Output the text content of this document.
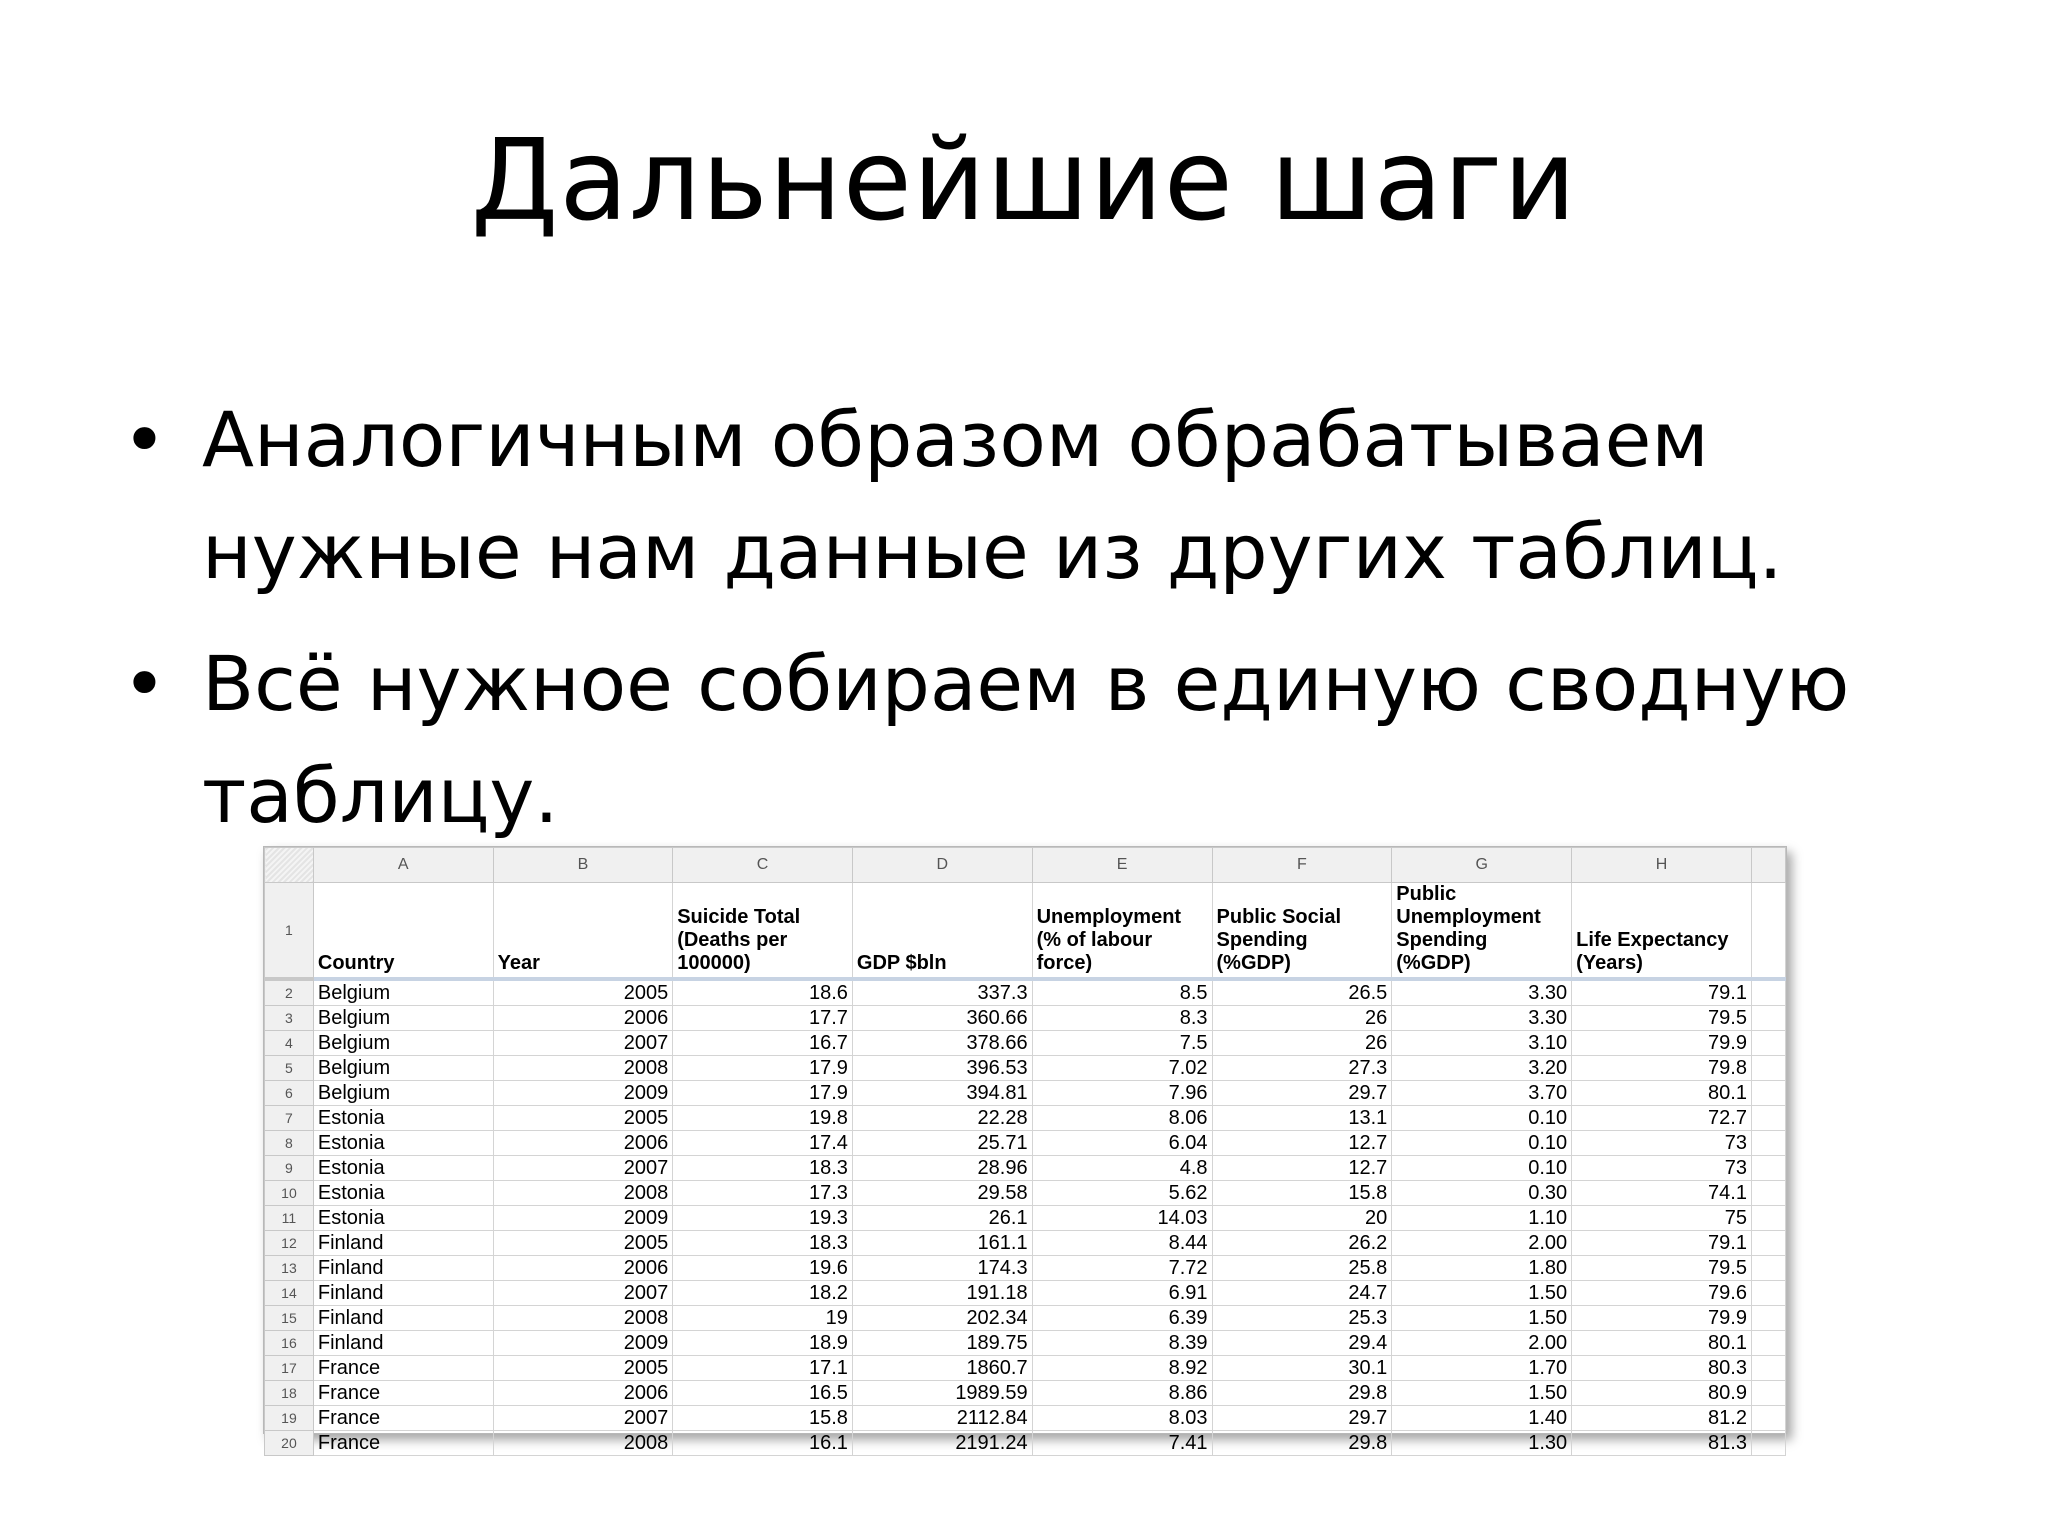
Дальнейшие шаги
• Аналогичным образом обрабатываем нужные нам данные из других таблиц.
• Всё нужное собираем в единую сводную таблицу.
	A	B	C	D	E	F	G	H	
1	Country	Year	Suicide Total (Deaths per 100000)	GDP $bln	Unemployment (% of labour force)	Public Social Spending (%GDP)	Public Unemployment Spending (%GDP)	Life Expectancy (Years)	
2	Belgium	2005	18.6	337.3	8.5	26.5	3.30	79.1	
3	Belgium	2006	17.7	360.66	8.3	26	3.30	79.5	
4	Belgium	2007	16.7	378.66	7.5	26	3.10	79.9	
5	Belgium	2008	17.9	396.53	7.02	27.3	3.20	79.8	
6	Belgium	2009	17.9	394.81	7.96	29.7	3.70	80.1	
7	Estonia	2005	19.8	22.28	8.06	13.1	0.10	72.7	
8	Estonia	2006	17.4	25.71	6.04	12.7	0.10	73	
9	Estonia	2007	18.3	28.96	4.8	12.7	0.10	73	
10	Estonia	2008	17.3	29.58	5.62	15.8	0.30	74.1	
11	Estonia	2009	19.3	26.1	14.03	20	1.10	75	
12	Finland	2005	18.3	161.1	8.44	26.2	2.00	79.1	
13	Finland	2006	19.6	174.3	7.72	25.8	1.80	79.5	
14	Finland	2007	18.2	191.18	6.91	24.7	1.50	79.6	
15	Finland	2008	19	202.34	6.39	25.3	1.50	79.9	
16	Finland	2009	18.9	189.75	8.39	29.4	2.00	80.1	
17	France	2005	17.1	1860.7	8.92	30.1	1.70	80.3	
18	France	2006	16.5	1989.59	8.86	29.8	1.50	80.9	
19	France	2007	15.8	2112.84	8.03	29.7	1.40	81.2	
20	France	2008	16.1	2191.24	7.41	29.8	1.30	81.3	
